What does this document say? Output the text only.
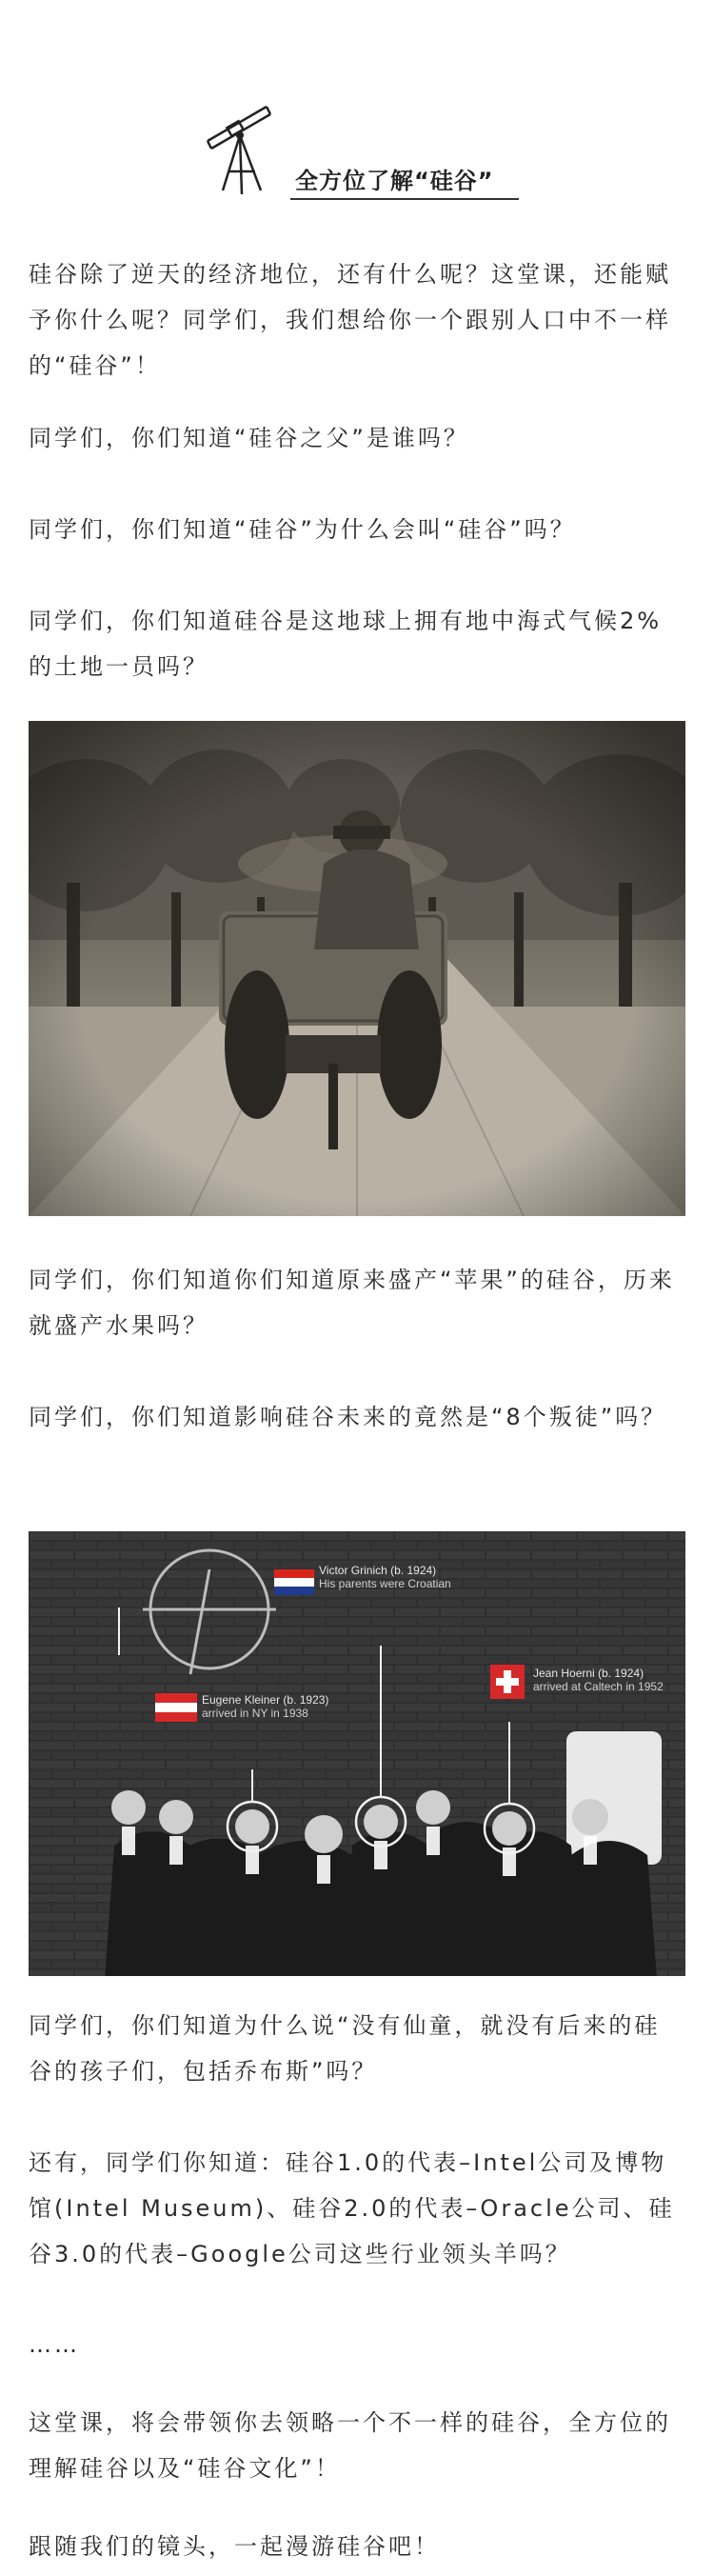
全方位了解“硅谷”

硅谷除了逆天的经济地位，还有什么呢？这堂课，还能赋予你什么呢？同学们，我们想给你一个跟别人口中不一样的“硅谷”！

同学们，你们知道“硅谷之父”是谁吗？

同学们，你们知道“硅谷”为什么会叫“硅谷”吗？

同学们，你们知道硅谷是这地球上拥有地中海式气候2%的土地一员吗？

同学们，你们知道你们知道原来盛产“苹果”的硅谷，历来就盛产水果吗？

同学们，你们知道影响硅谷未来的竟然是“8个叛徒”吗？

Victor Grinich (b. 1924)
His parents were Croatian
Jean Hoerni (b. 1924)
arrived at Caltech in 1952
Eugene Kleiner (b. 1923)
arrived in NY in 1938

同学们，你们知道为什么说“没有仙童，就没有后来的硅谷的孩子们，包括乔布斯”吗？

还有，同学们你知道：硅谷1.0的代表–Intel公司及博物馆(Intel Museum)、硅谷2.0的代表–Oracle公司、硅谷3.0的代表–Google公司这些行业领头羊吗？

……

这堂课，将会带领你去领略一个不一样的硅谷，全方位的理解硅谷以及“硅谷文化”！

跟随我们的镜头，一起漫游硅谷吧！
